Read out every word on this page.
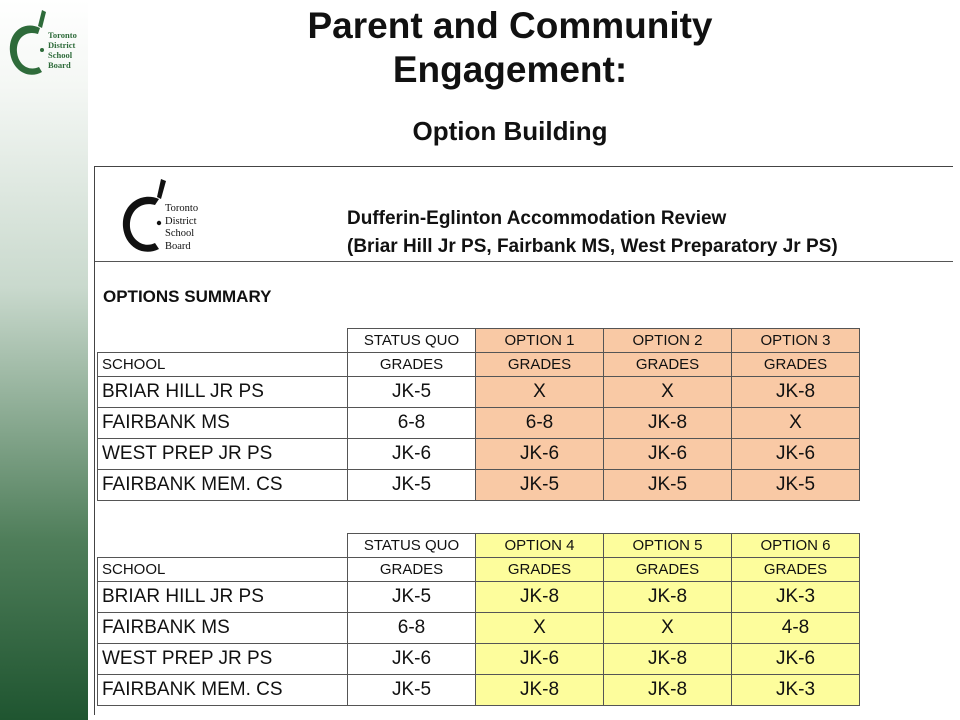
Toronto
District
School
Board
Parent and Community Engagement:
Option Building
Toronto
District
School
Board
Dufferin-Eglinton Accommodation Review
(Briar Hill Jr PS, Fairbank MS, West Preparatory Jr PS)
OPTIONS SUMMARY
	STATUS QUO	OPTION 1	OPTION 2	OPTION 3
SCHOOL	GRADES	GRADES	GRADES	GRADES
BRIAR HILL JR PS	JK-5	X	X	JK-8
FAIRBANK MS	6-8	6-8	JK-8	X
WEST PREP JR PS	JK-6	JK-6	JK-6	JK-6
FAIRBANK MEM. CS	JK-5	JK-5	JK-5	JK-5
	STATUS QUO	OPTION 4	OPTION 5	OPTION 6
SCHOOL	GRADES	GRADES	GRADES	GRADES
BRIAR HILL JR PS	JK-5	JK-8	JK-8	JK-3
FAIRBANK MS	6-8	X	X	4-8
WEST PREP JR PS	JK-6	JK-6	JK-8	JK-6
FAIRBANK MEM. CS	JK-5	JK-8	JK-8	JK-3
